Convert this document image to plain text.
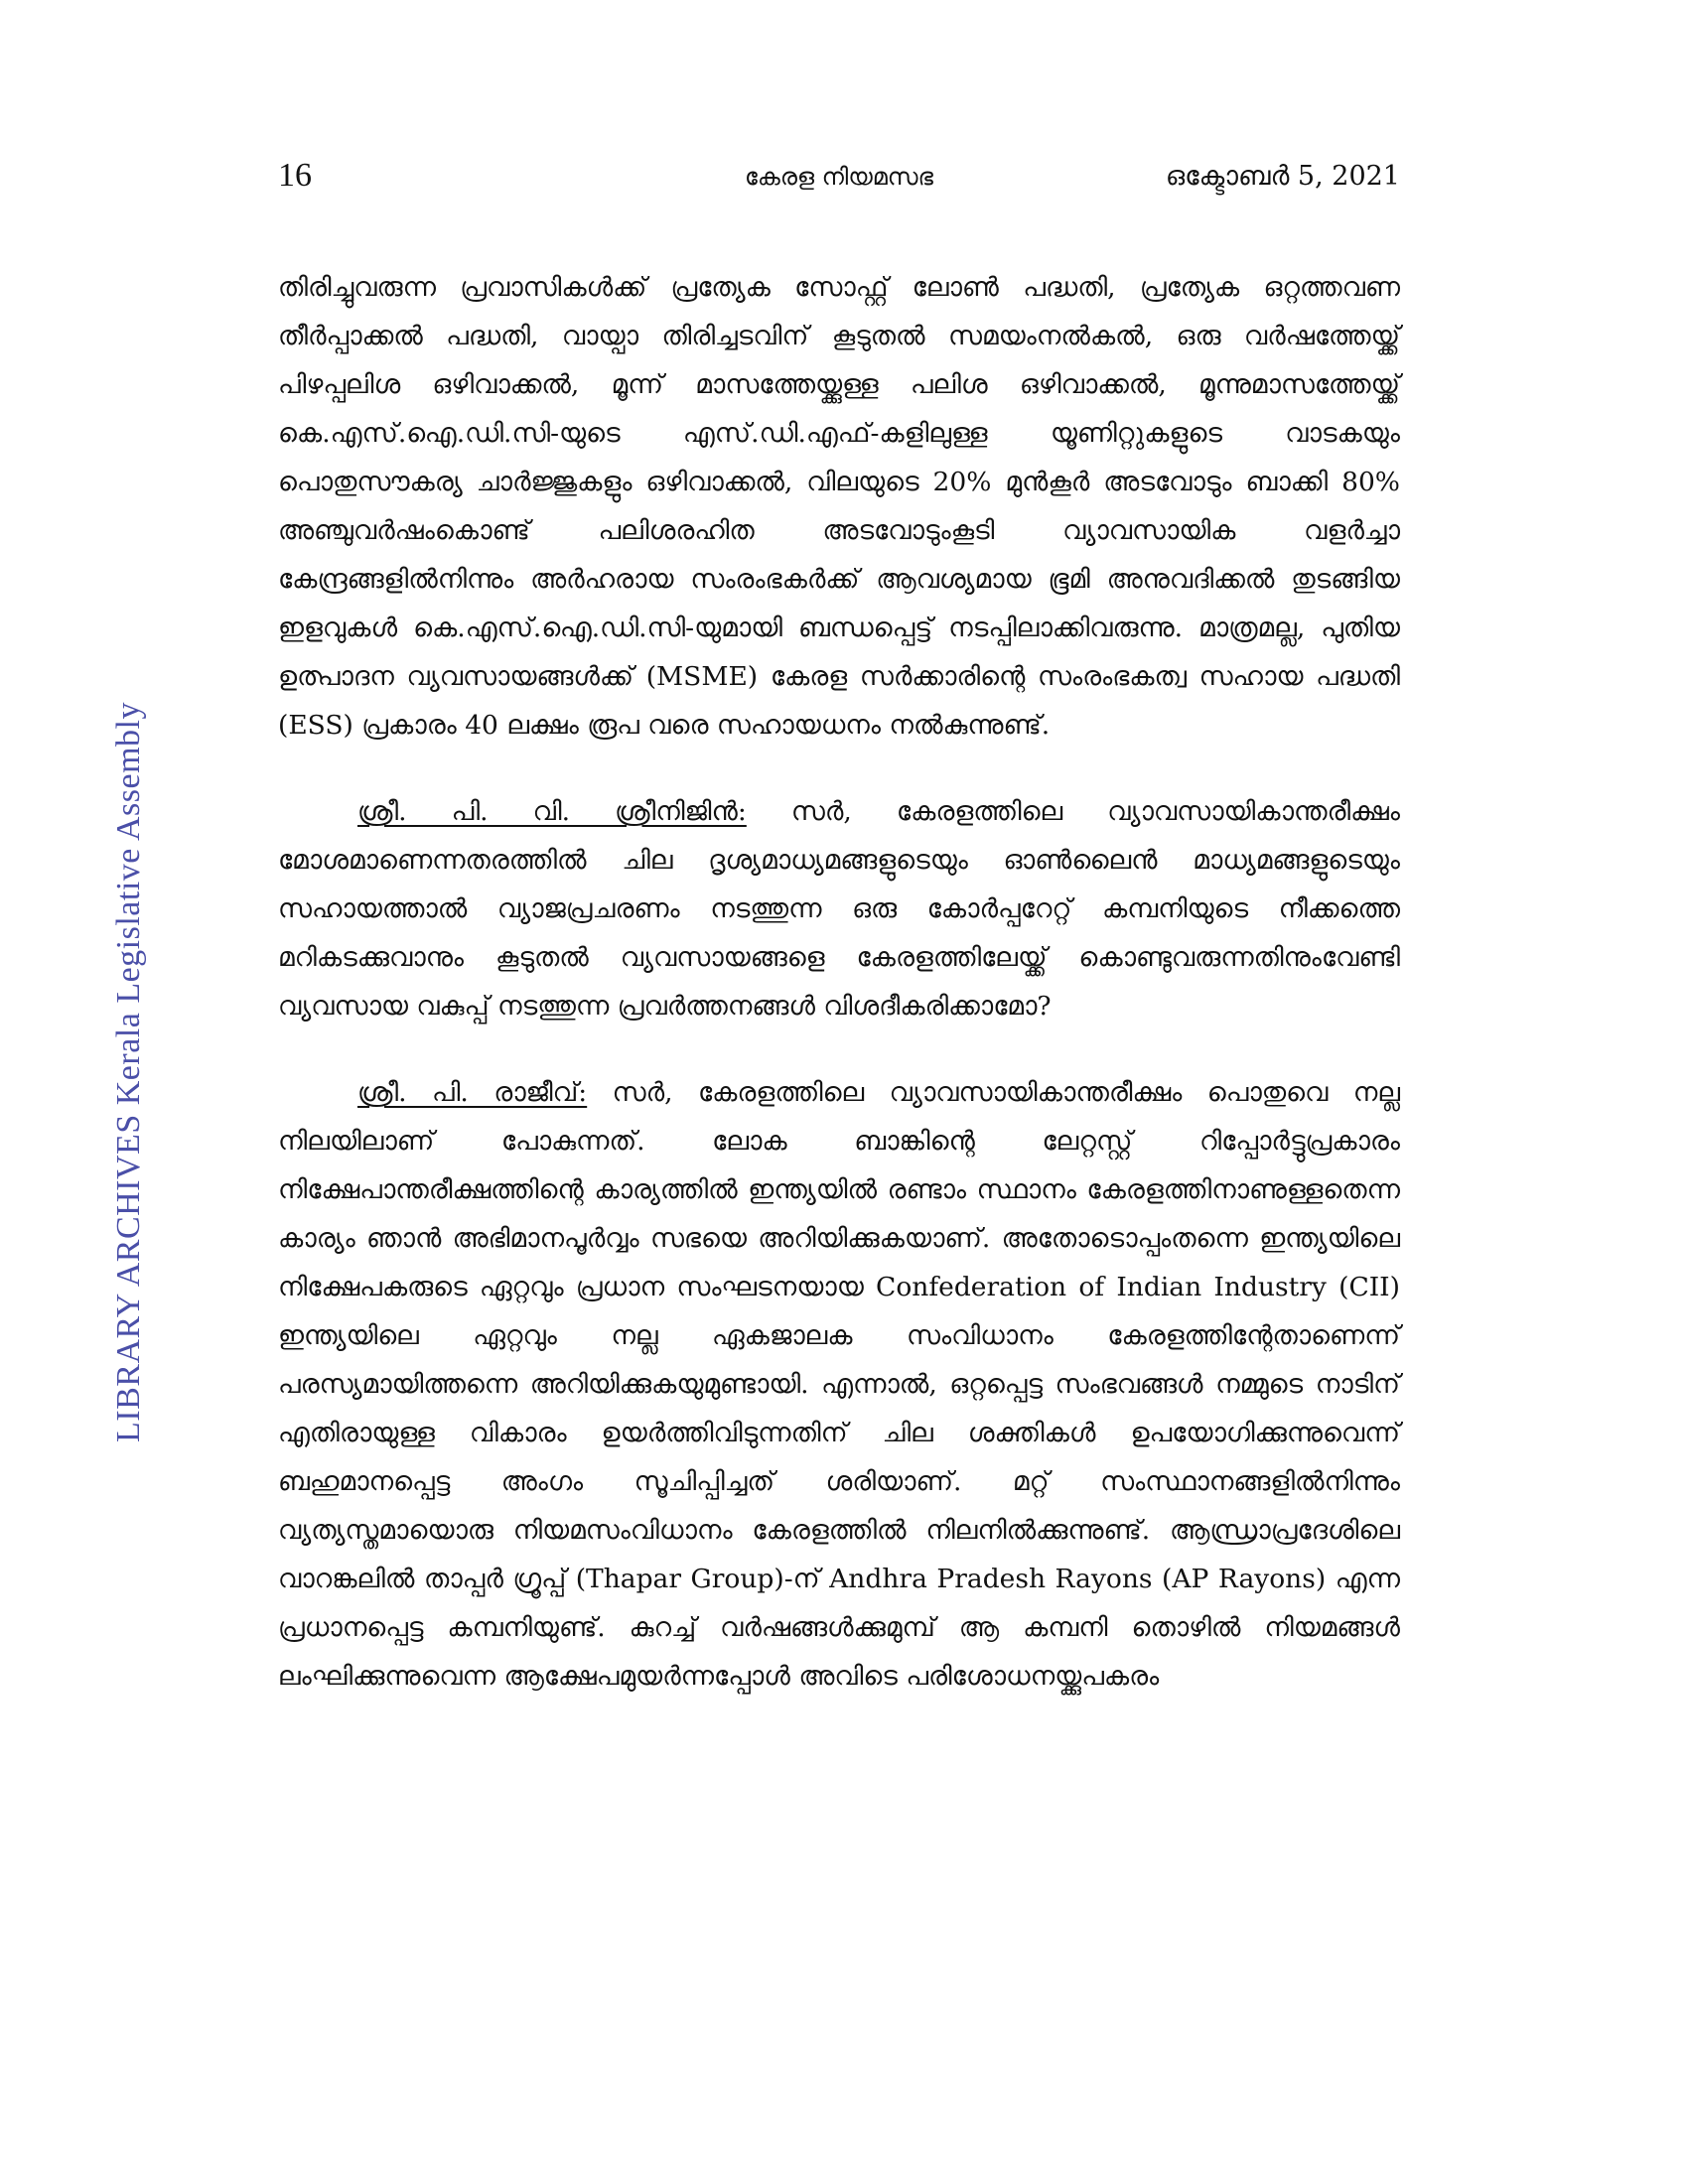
16	കേരള നിയമസഭ	ഒക്ടോബർ 5, 2021
LIBRARY ARCHIVES Kerala Legislative Assembly

തിരിച്ചുവരുന്ന പ്രവാസികൾക്ക് പ്രത്യേക സോഫ്റ്റ് ലോൺ പദ്ധതി, പ്രത്യേക ഒറ്റത്തവണ തീർപ്പാക്കൽ പദ്ധതി, വായ്പാ തിരിച്ചടവിന് കൂടുതൽ സമയംനൽകൽ, ഒരു വർഷത്തേയ്ക്ക് പിഴപ്പലിശ ഒഴിവാക്കൽ, മൂന്ന് മാസത്തേയ്ക്കുള്ള പലിശ ഒഴിവാക്കൽ, മൂന്നുമാസത്തേയ്ക്ക് കെ.എസ്.ഐ.ഡി.സി-യുടെ എസ്.ഡി.എഫ്-കളിലുള്ള യൂണിറ്റുകളുടെ വാടകയും പൊതുസൗകര്യ ചാർജ്ജുകളും ഒഴിവാക്കൽ, വിലയുടെ 20% മുൻകൂർ അടവോടും ബാക്കി 80% അഞ്ചുവർഷംകൊണ്ട് പലിശരഹിത അടവോടുംകൂടി വ്യാവസായിക വളർച്ചാ കേന്ദ്രങ്ങളിൽനിന്നും അർഹരായ സംരംഭകർക്ക് ആവശ്യമായ ഭൂമി അനുവദിക്കൽ തുടങ്ങിയ ഇളവുകൾ കെ.എസ്.ഐ.ഡി.സി-യുമായി ബന്ധപ്പെട്ട് നടപ്പിലാക്കിവരുന്നു. മാത്രമല്ല, പുതിയ ഉത്പാദന വ്യവസായങ്ങൾക്ക് (MSME) കേരള സർക്കാരിന്റെ സംരംഭകത്വ സഹായ പദ്ധതി (ESS) പ്രകാരം 40 ലക്ഷം രൂപ വരെ സഹായധനം നൽകുന്നുണ്ട്.

ശ്രീ. പി. വി. ശ്രീനിജിൻ: സർ, കേരളത്തിലെ വ്യാവസായികാന്തരീക്ഷം മോശമാണെന്നതരത്തിൽ ചില ദൃശ്യമാധ്യമങ്ങളുടെയും ഓൺലൈൻ മാധ്യമങ്ങളുടെയും സഹായത്താൽ വ്യാജപ്രചരണം നടത്തുന്ന ഒരു കോർപ്പറേറ്റ് കമ്പനിയുടെ നീക്കത്തെ മറികടക്കുവാനും കൂടുതൽ വ്യവസായങ്ങളെ കേരളത്തിലേയ്ക്ക് കൊണ്ടുവരുന്നതിനുംവേണ്ടി വ്യവസായ വകുപ്പ് നടത്തുന്ന പ്രവർത്തനങ്ങൾ വിശദീകരിക്കാമോ?

ശ്രീ. പി. രാജീവ്: സർ, കേരളത്തിലെ വ്യാവസായികാന്തരീക്ഷം പൊതുവെ നല്ല നിലയിലാണ് പോകുന്നത്. ലോക ബാങ്കിന്റെ ലേറ്റസ്റ്റ് റിപ്പോർട്ടുപ്രകാരം നിക്ഷേപാന്തരീക്ഷത്തിന്റെ കാര്യത്തിൽ ഇന്ത്യയിൽ രണ്ടാം സ്ഥാനം കേരളത്തിനാണുള്ളതെന്ന കാര്യം ഞാൻ അഭിമാനപൂർവ്വം സഭയെ അറിയിക്കുകയാണ്. അതോടൊപ്പംതന്നെ ഇന്ത്യയിലെ നിക്ഷേപകരുടെ ഏറ്റവും പ്രധാന സംഘടനയായ Confederation of Indian Industry (CII) ഇന്ത്യയിലെ ഏറ്റവും നല്ല ഏകജാലക സംവിധാനം കേരളത്തിന്റേതാണെന്ന് പരസ്യമായിത്തന്നെ അറിയിക്കുകയുമുണ്ടായി. എന്നാൽ, ഒറ്റപ്പെട്ട സംഭവങ്ങൾ നമ്മുടെ നാടിന് എതിരായുള്ള വികാരം ഉയർത്തിവിടുന്നതിന് ചില ശക്തികൾ ഉപയോഗിക്കുന്നുവെന്ന് ബഹുമാനപ്പെട്ട അംഗം സൂചിപ്പിച്ചത് ശരിയാണ്. മറ്റ് സംസ്ഥാനങ്ങളിൽനിന്നും വ്യത്യസ്തമായൊരു നിയമസംവിധാനം കേരളത്തിൽ നിലനിൽക്കുന്നുണ്ട്. ആന്ധ്രാപ്രദേശിലെ വാറങ്കലിൽ താപ്പർ ഗ്രൂപ്പ് (Thapar Group)-ന് Andhra Pradesh Rayons (AP Rayons) എന്ന പ്രധാനപ്പെട്ട കമ്പനിയുണ്ട്. കുറച്ച് വർഷങ്ങൾക്കുമുമ്പ് ആ കമ്പനി തൊഴിൽ നിയമങ്ങൾ ലംഘിക്കുന്നുവെന്ന ആക്ഷേപമുയർന്നപ്പോൾ അവിടെ പരിശോധനയ്ക്കുപകരം
